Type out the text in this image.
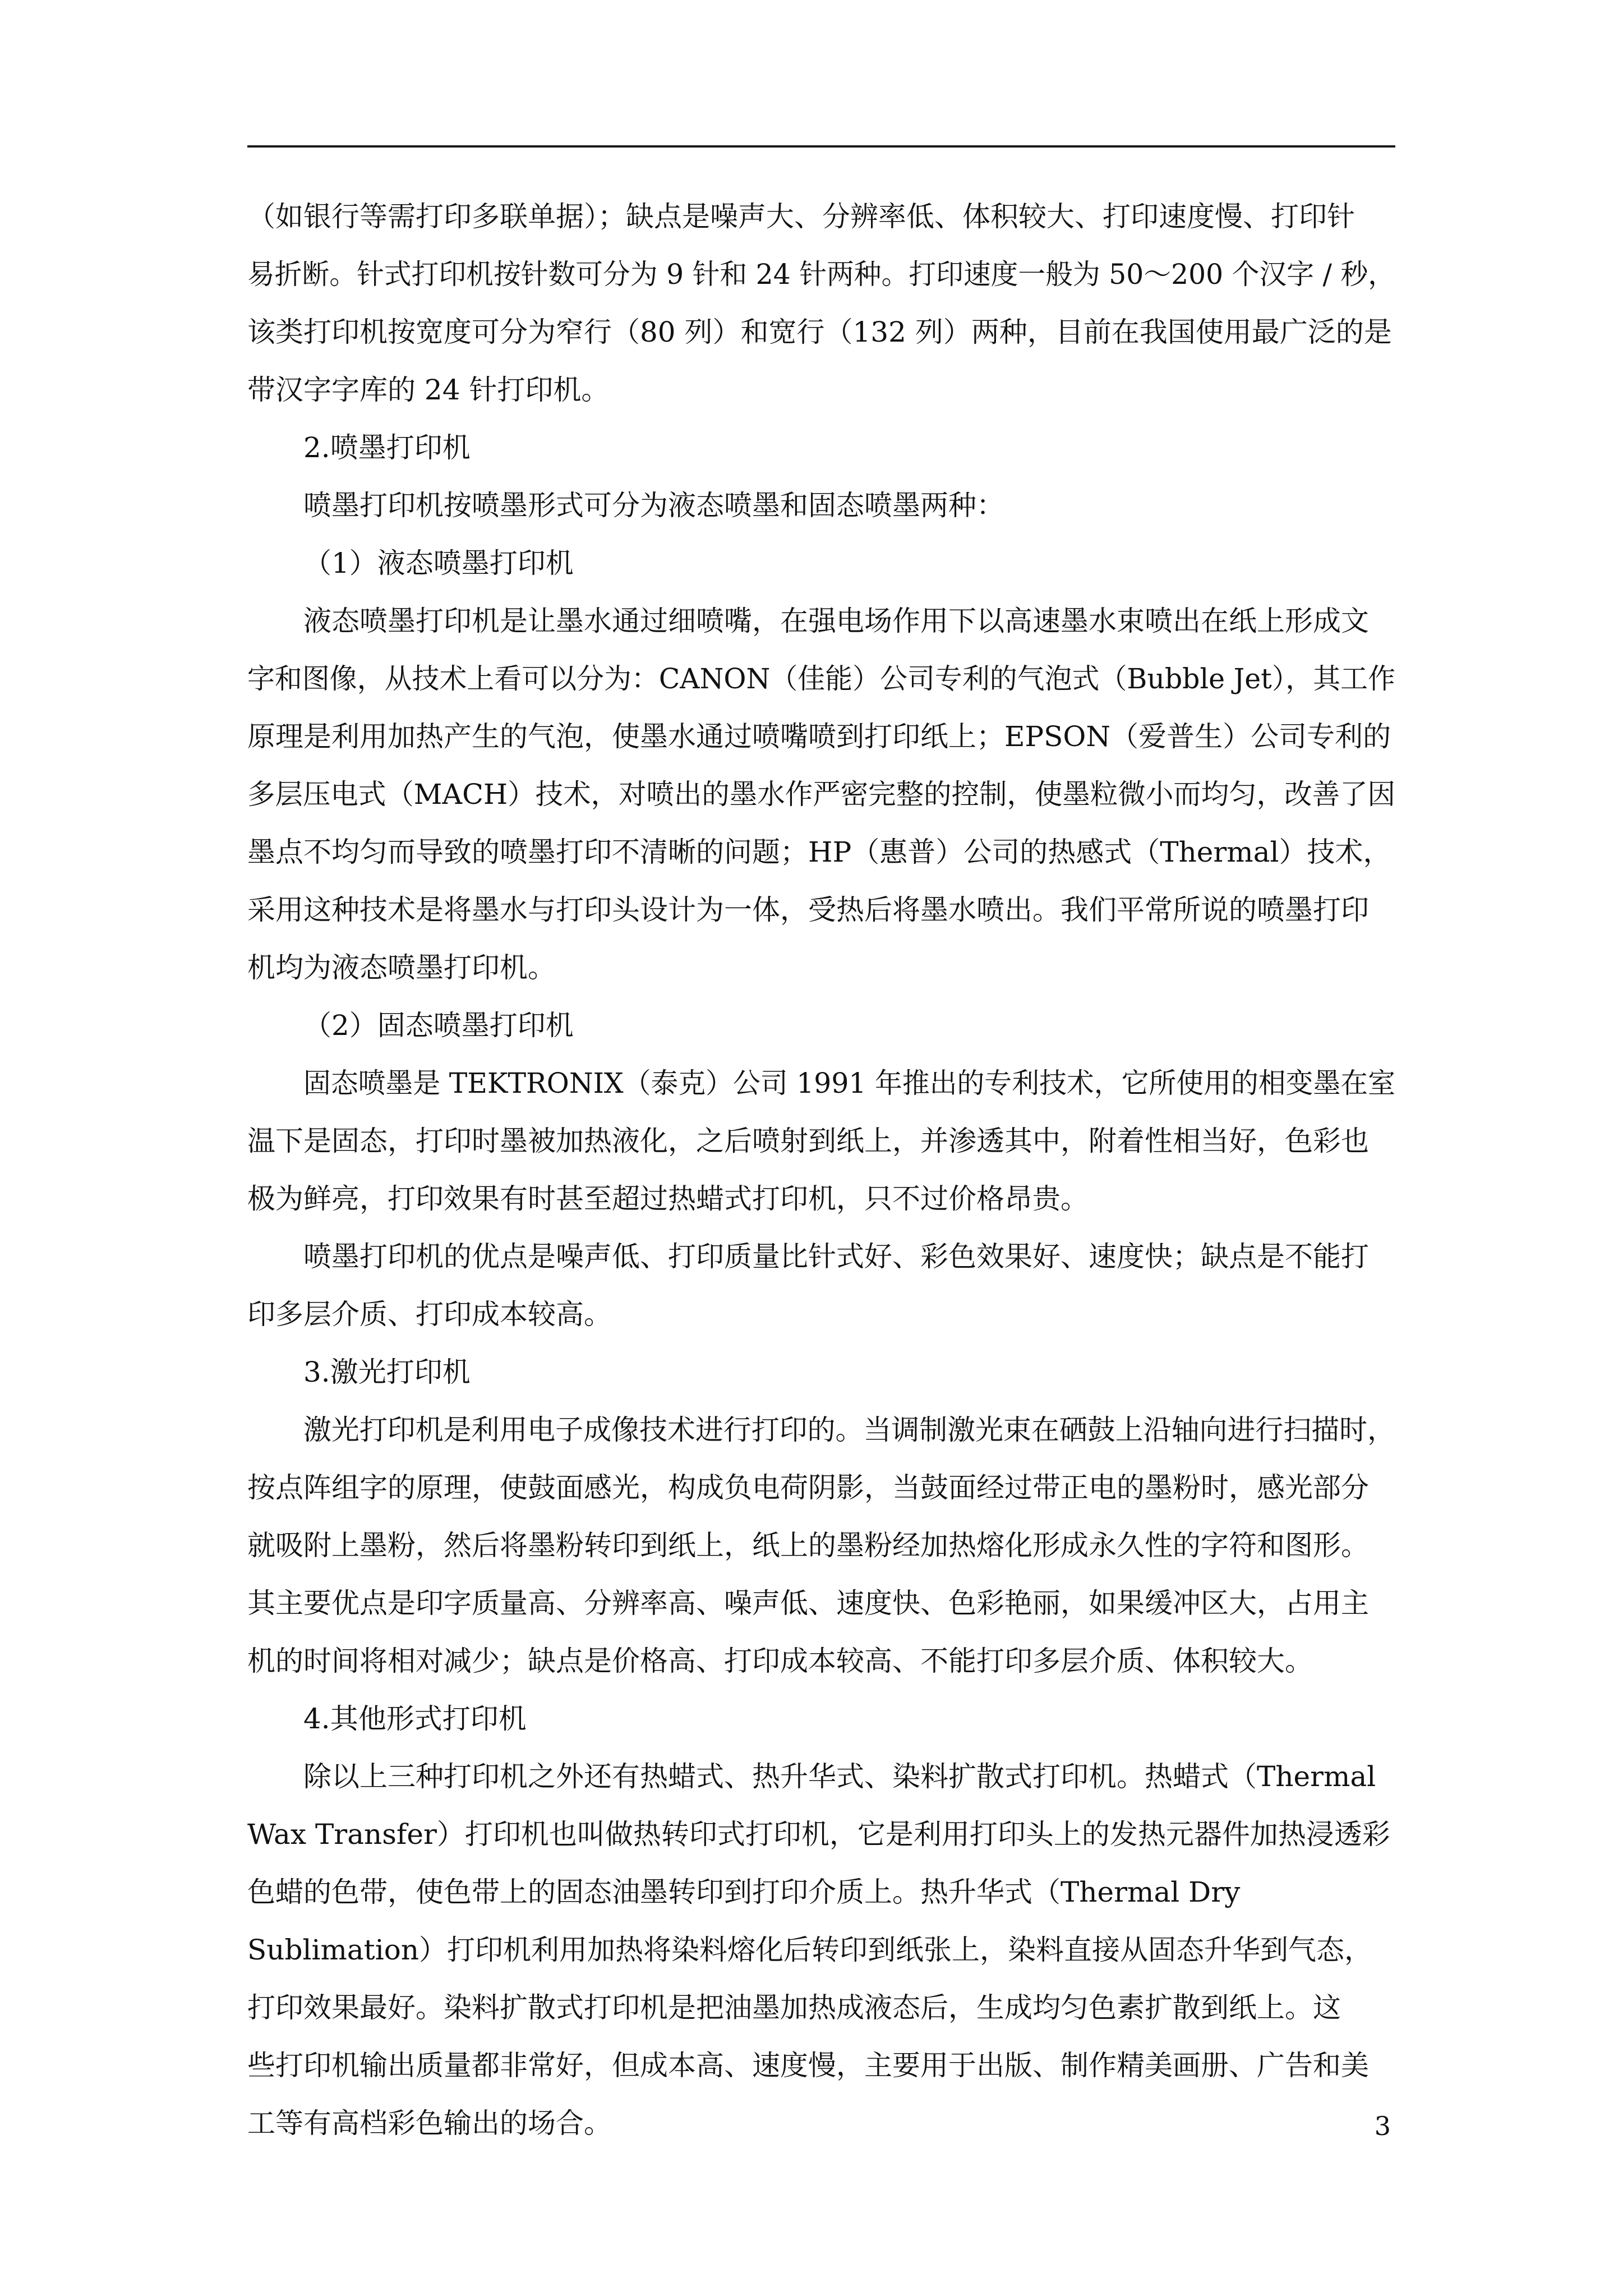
（如银行等需打印多联单据）；缺点是噪声大、分辨率低、体积较大、打印速度慢、打印针
易折断。针式打印机按针数可分为 9 针和 24 针两种。打印速度一般为 50～200 个汉字 / 秒，
该类打印机按宽度可分为窄行（80 列）和宽行（132 列）两种，目前在我国使用最广泛的是
带汉字字库的 24 针打印机。
2.喷墨打印机
喷墨打印机按喷墨形式可分为液态喷墨和固态喷墨两种：
（1）液态喷墨打印机
液态喷墨打印机是让墨水通过细喷嘴，在强电场作用下以高速墨水束喷出在纸上形成文
字和图像，从技术上看可以分为：CANON（佳能）公司专利的气泡式（Bubble Jet），其工作
原理是利用加热产生的气泡，使墨水通过喷嘴喷到打印纸上；EPSON（爱普生）公司专利的
多层压电式（MACH）技术，对喷出的墨水作严密完整的控制，使墨粒微小而均匀，改善了因
墨点不均匀而导致的喷墨打印不清晰的问题；HP（惠普）公司的热感式（Thermal）技术，
采用这种技术是将墨水与打印头设计为一体，受热后将墨水喷出。我们平常所说的喷墨打印
机均为液态喷墨打印机。
（2）固态喷墨打印机
固态喷墨是 TEKTRONIX（泰克）公司 1991 年推出的专利技术，它所使用的相变墨在室
温下是固态，打印时墨被加热液化，之后喷射到纸上，并渗透其中，附着性相当好，色彩也
极为鲜亮，打印效果有时甚至超过热蜡式打印机，只不过价格昂贵。
喷墨打印机的优点是噪声低、打印质量比针式好、彩色效果好、速度快；缺点是不能打
印多层介质、打印成本较高。
3.激光打印机
激光打印机是利用电子成像技术进行打印的。当调制激光束在硒鼓上沿轴向进行扫描时，
按点阵组字的原理，使鼓面感光，构成负电荷阴影，当鼓面经过带正电的墨粉时，感光部分
就吸附上墨粉，然后将墨粉转印到纸上，纸上的墨粉经加热熔化形成永久性的字符和图形。
其主要优点是印字质量高、分辨率高、噪声低、速度快、色彩艳丽，如果缓冲区大，占用主
机的时间将相对减少；缺点是价格高、打印成本较高、不能打印多层介质、体积较大。
4.其他形式打印机
除以上三种打印机之外还有热蜡式、热升华式、染料扩散式打印机。热蜡式（Thermal
Wax Transfer）打印机也叫做热转印式打印机，它是利用打印头上的发热元器件加热浸透彩
色蜡的色带，使色带上的固态油墨转印到打印介质上。热升华式（Thermal Dry
Sublimation）打印机利用加热将染料熔化后转印到纸张上，染料直接从固态升华到气态，
打印效果最好。染料扩散式打印机是把油墨加热成液态后，生成均匀色素扩散到纸上。这
些打印机输出质量都非常好，但成本高、速度慢，主要用于出版、制作精美画册、广告和美
工等有高档彩色输出的场合。	3
